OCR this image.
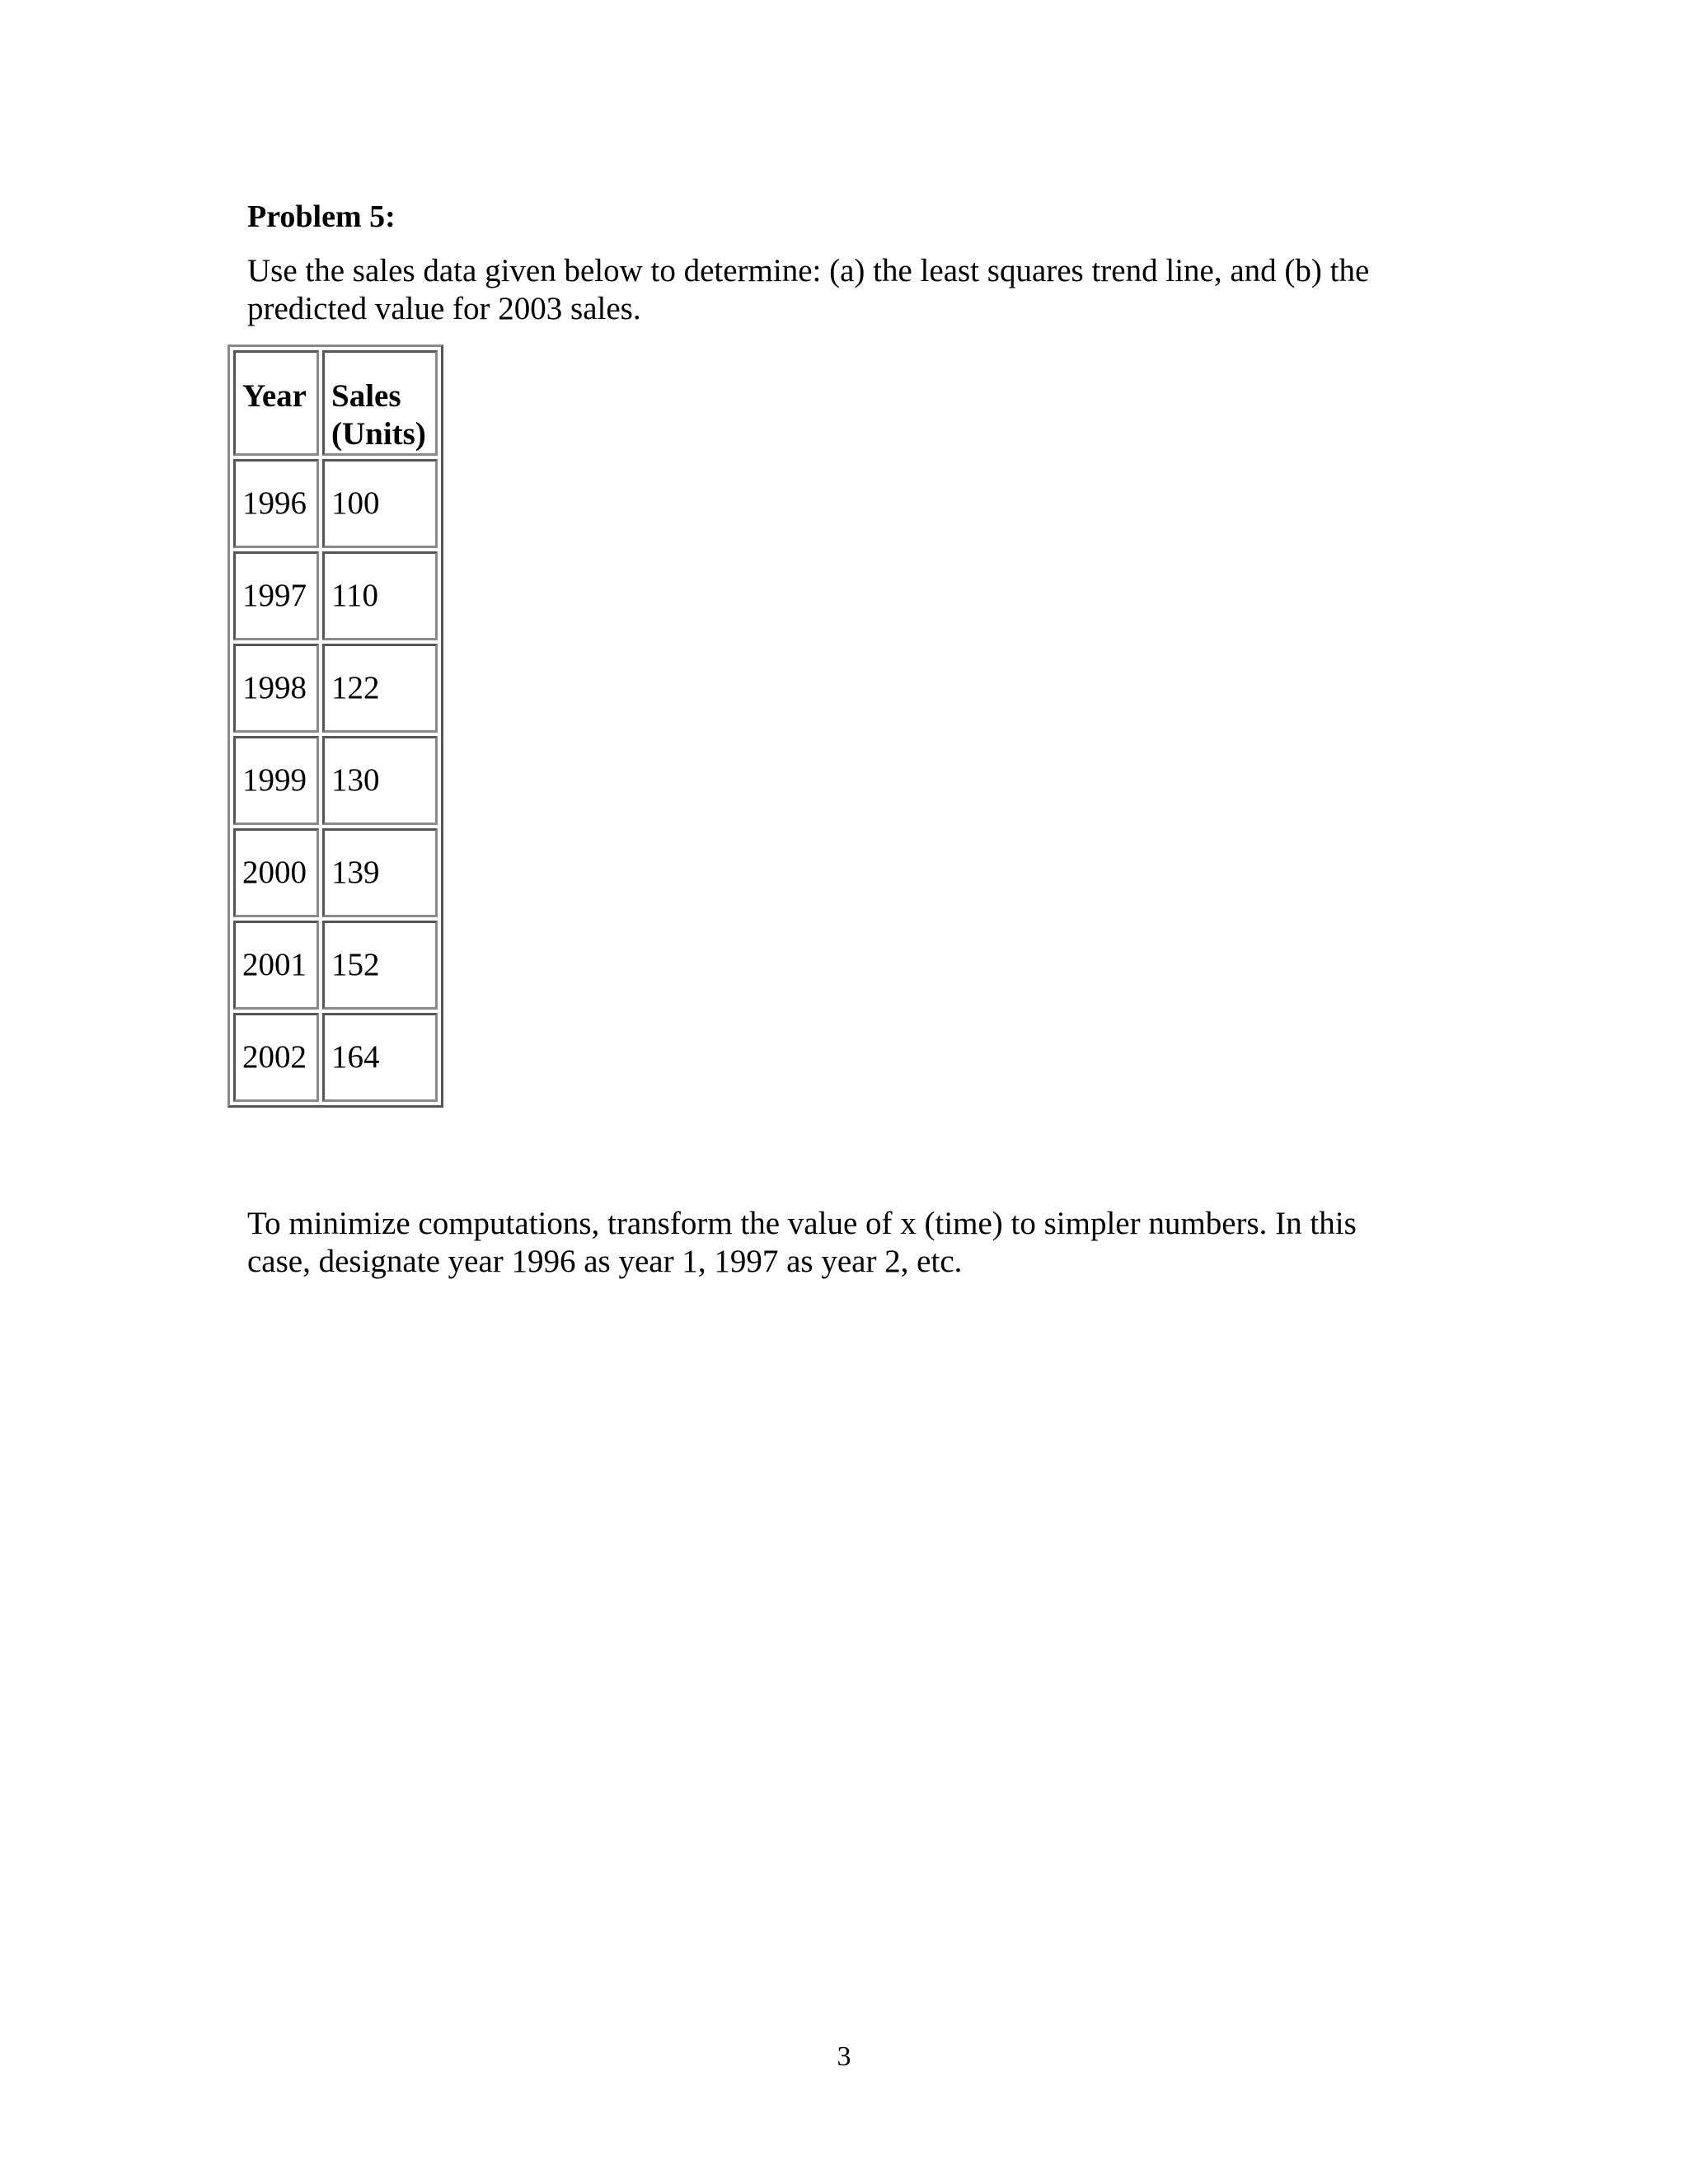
Problem 5:

Use the sales data given below to determine: (a) the least squares trend line, and (b) the
predicted value for 2003 sales.

Year	Sales
(Units)
1996	100
1997	110
1998	122
1999	130
2000	139
2001	152
2002	164

To minimize computations, transform the value of x (time) to simpler numbers. In this
case, designate year 1996 as year 1, 1997 as year 2, etc.

3
